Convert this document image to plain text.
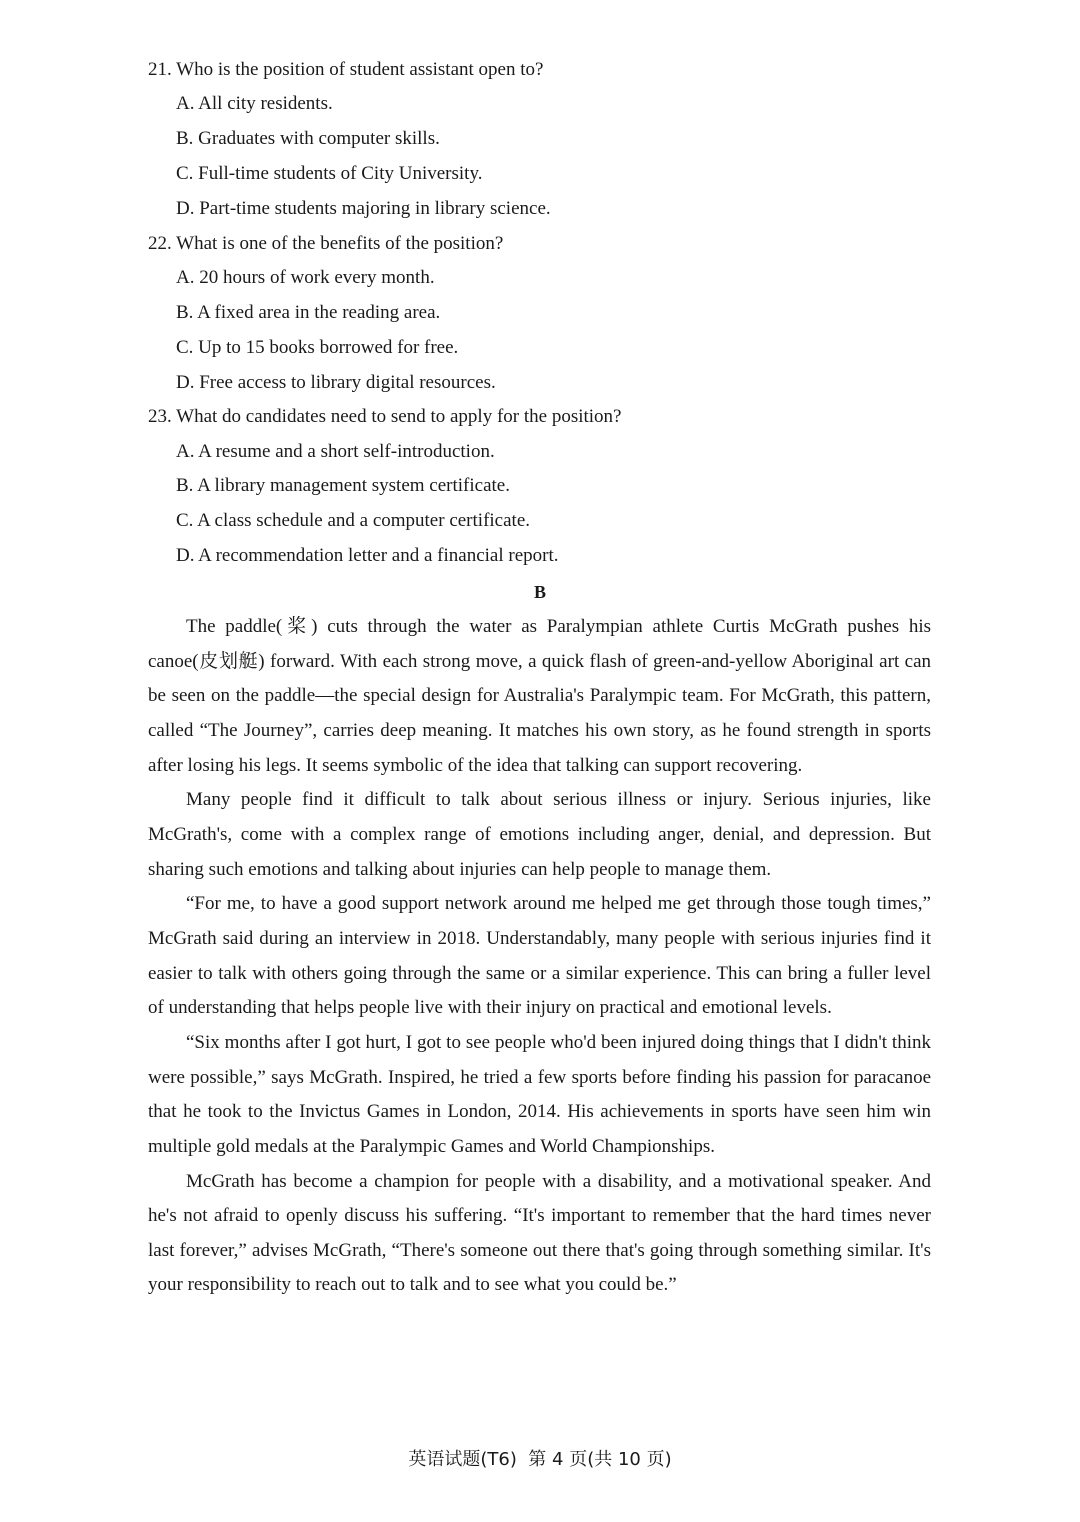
21. Who is the position of student assistant open to?
A. All city residents.
B. Graduates with computer skills.
C. Full-time students of City University.
D. Part-time students majoring in library science.
22. What is one of the benefits of the position?
A. 20 hours of work every month.
B. A fixed area in the reading area.
C. Up to 15 books borrowed for free.
D. Free access to library digital resources.
23. What do candidates need to send to apply for the position?
A. A resume and a short self-introduction.
B. A library management system certificate.
C. A class schedule and a computer certificate.
D. A recommendation letter and a financial report.
B

The paddle(桨) cuts through the water as Paralympian athlete Curtis McGrath pushes his canoe(皮划艇) forward. With each strong move, a quick flash of green-and-yellow Aboriginal art can be seen on the paddle—the special design for Australia's Paralympic team. For McGrath, this pattern, called “The Journey”, carries deep meaning. It matches his own story, as he found strength in sports after losing his legs. It seems symbolic of the idea that talking can support recovering.

Many people find it difficult to talk about serious illness or injury. Serious injuries, like McGrath's, come with a complex range of emotions including anger, denial, and depression. But sharing such emotions and talking about injuries can help people to manage them.

“For me, to have a good support network around me helped me get through those tough times,” McGrath said during an interview in 2018. Understandably, many people with serious injuries find it easier to talk with others going through the same or a similar experience. This can bring a fuller level of understanding that helps people live with their injury on practical and emotional levels.

“Six months after I got hurt, I got to see people who'd been injured doing things that I didn't think were possible,” says McGrath. Inspired, he tried a few sports before finding his passion for paracanoe that he took to the Invictus Games in London, 2014. His achievements in sports have seen him win multiple gold medals at the Paralympic Games and World Championships.

McGrath has become a champion for people with a disability, and a motivational speaker. And he's not afraid to openly discuss his suffering. “It's important to remember that the hard times never last forever,” advises McGrath, “There's someone out there that's going through something similar. It's your responsibility to reach out to talk and to see what you could be.”

英语试题(T6)  第 4 页(共 10 页)
